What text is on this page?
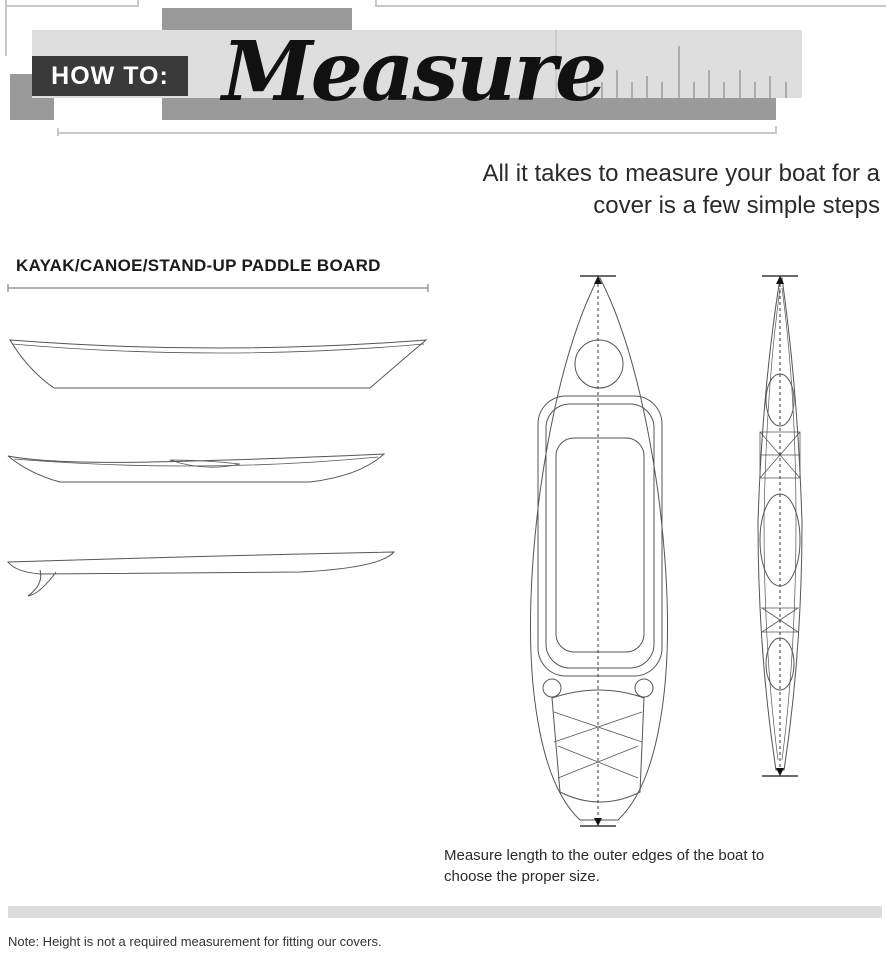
HOW TO: Measure
All it takes to measure your boat for a
cover is a few simple steps
KAYAK/CANOE/STAND-UP PADDLE BOARD
Measure length to the outer edges of the boat to
choose the proper size.
Note: Height is not a required measurement for fitting our covers.
